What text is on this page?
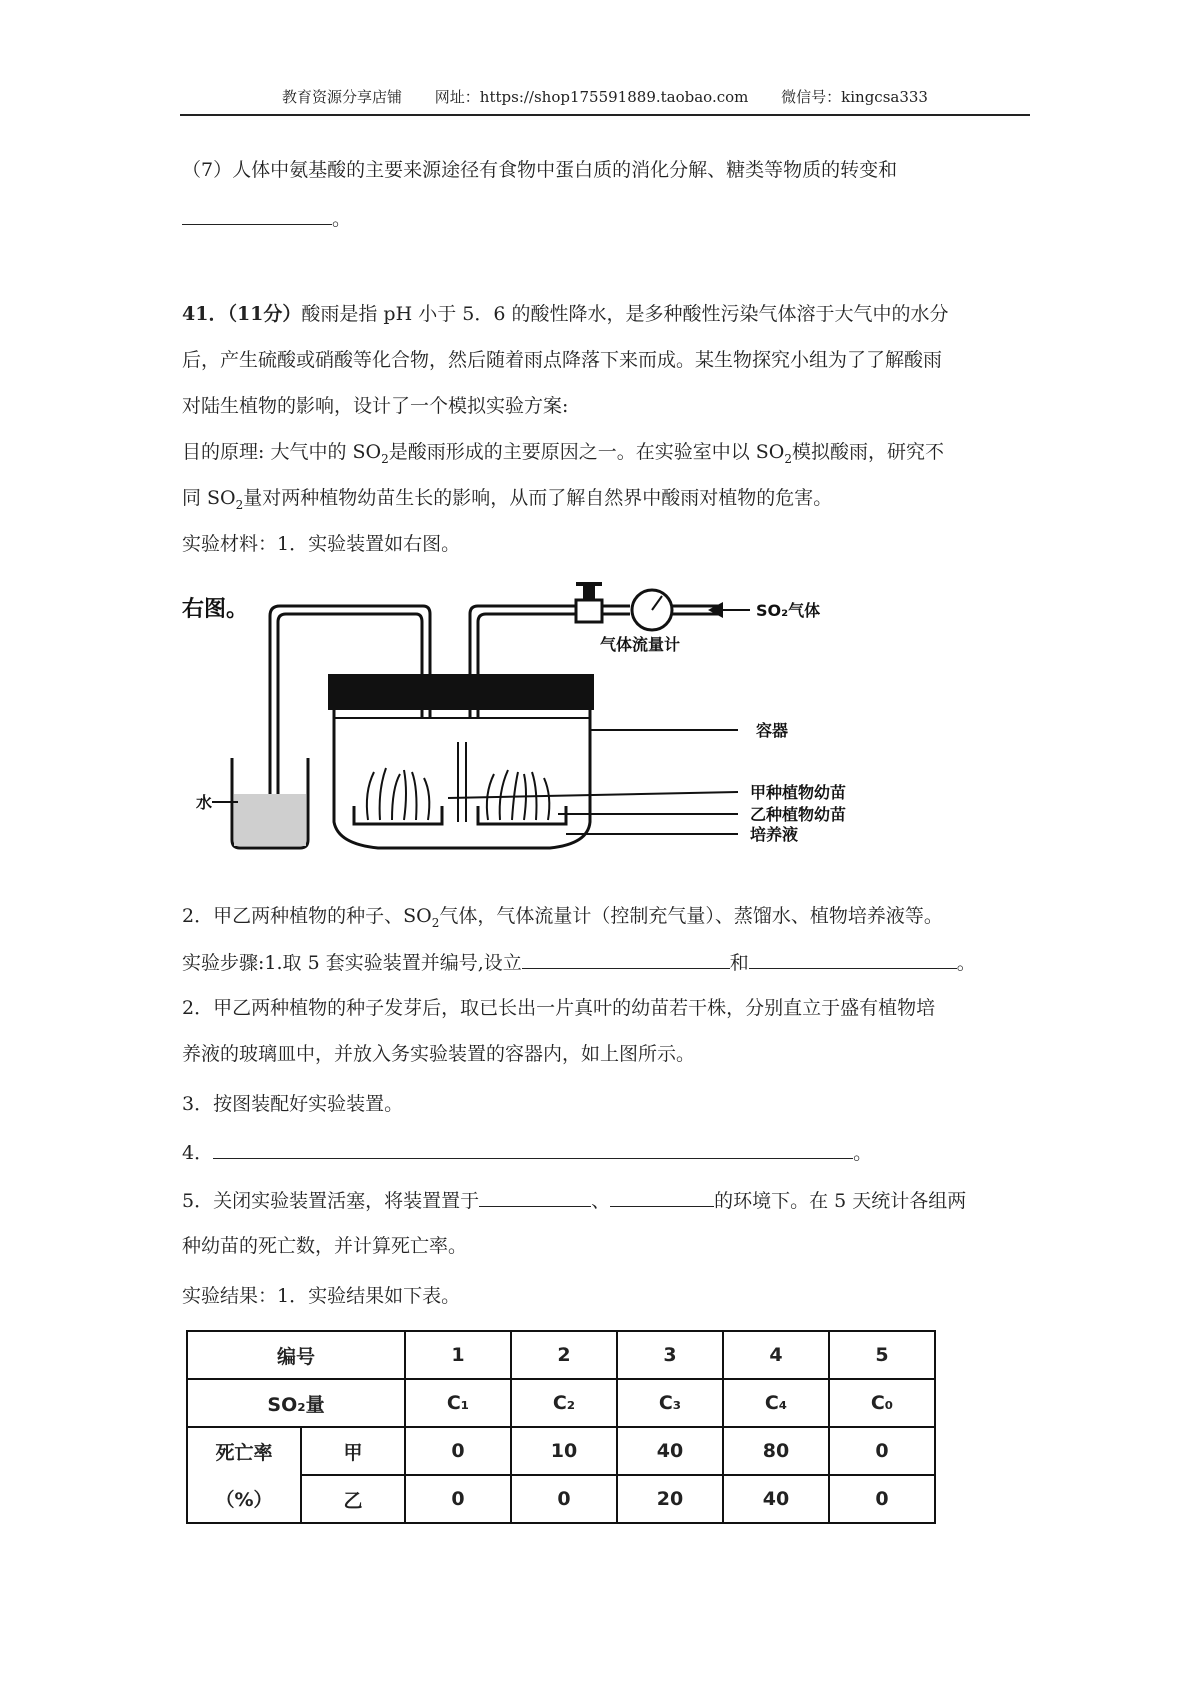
教育资源分享店铺 网址：https://shop175591889.taobao.com 微信号：kingcsa333
（7）人体中氨基酸的主要来源途径有食物中蛋白质的消化分解、糖类等物质的转变和
。
41．（11分）酸雨是指 pH 小于 5．6 的酸性降水，是多种酸性污染气体溶于大气中的水分
后，产生硫酸或硝酸等化合物，然后随着雨点降落下来而成。某生物探究小组为了了解酸雨
对陆生植物的影响，设计了一个模拟实验方案:
目的原理: 大气中的 $SO_2$是酸雨形成的主要原因之一。在实验室中以 $SO_2$模拟酸雨，研究不
同 $SO_2$量对两种植物幼苗生长的影响，从而了解自然界中酸雨对植物的危害。
实验材料：1．实验装置如右图。
右图。	SO₂气体
气体流量计
水
容器
甲种植物幼苗
乙种植物幼苗
培养液
2．甲乙两种植物的种子、$SO_2$气体，气体流量计（控制充气量）、蒸馏水、植物培养液等。
实验步骤:1.取 5 套实验装置并编号,设立	和	。
2．甲乙两种植物的种子发芽后，取已长出一片真叶的幼苗若干株，分别直立于盛有植物培
养液的玻璃皿中，并放入务实验装置的容器内，如上图所示。
3．按图装配好实验装置。
4．	。
5．关闭实验装置活塞，将装置置于	、	的环境下。在 5 天统计各组两
种幼苗的死亡数，并计算死亡率。
实验结果：1．实验结果如下表。
编号		1	2	3	4	5
SO₂量		C₁	C₂	C₃	C₄	C₀
死亡率	甲	0	10	40	80	0
（%）	乙	0	0	20	40	0
